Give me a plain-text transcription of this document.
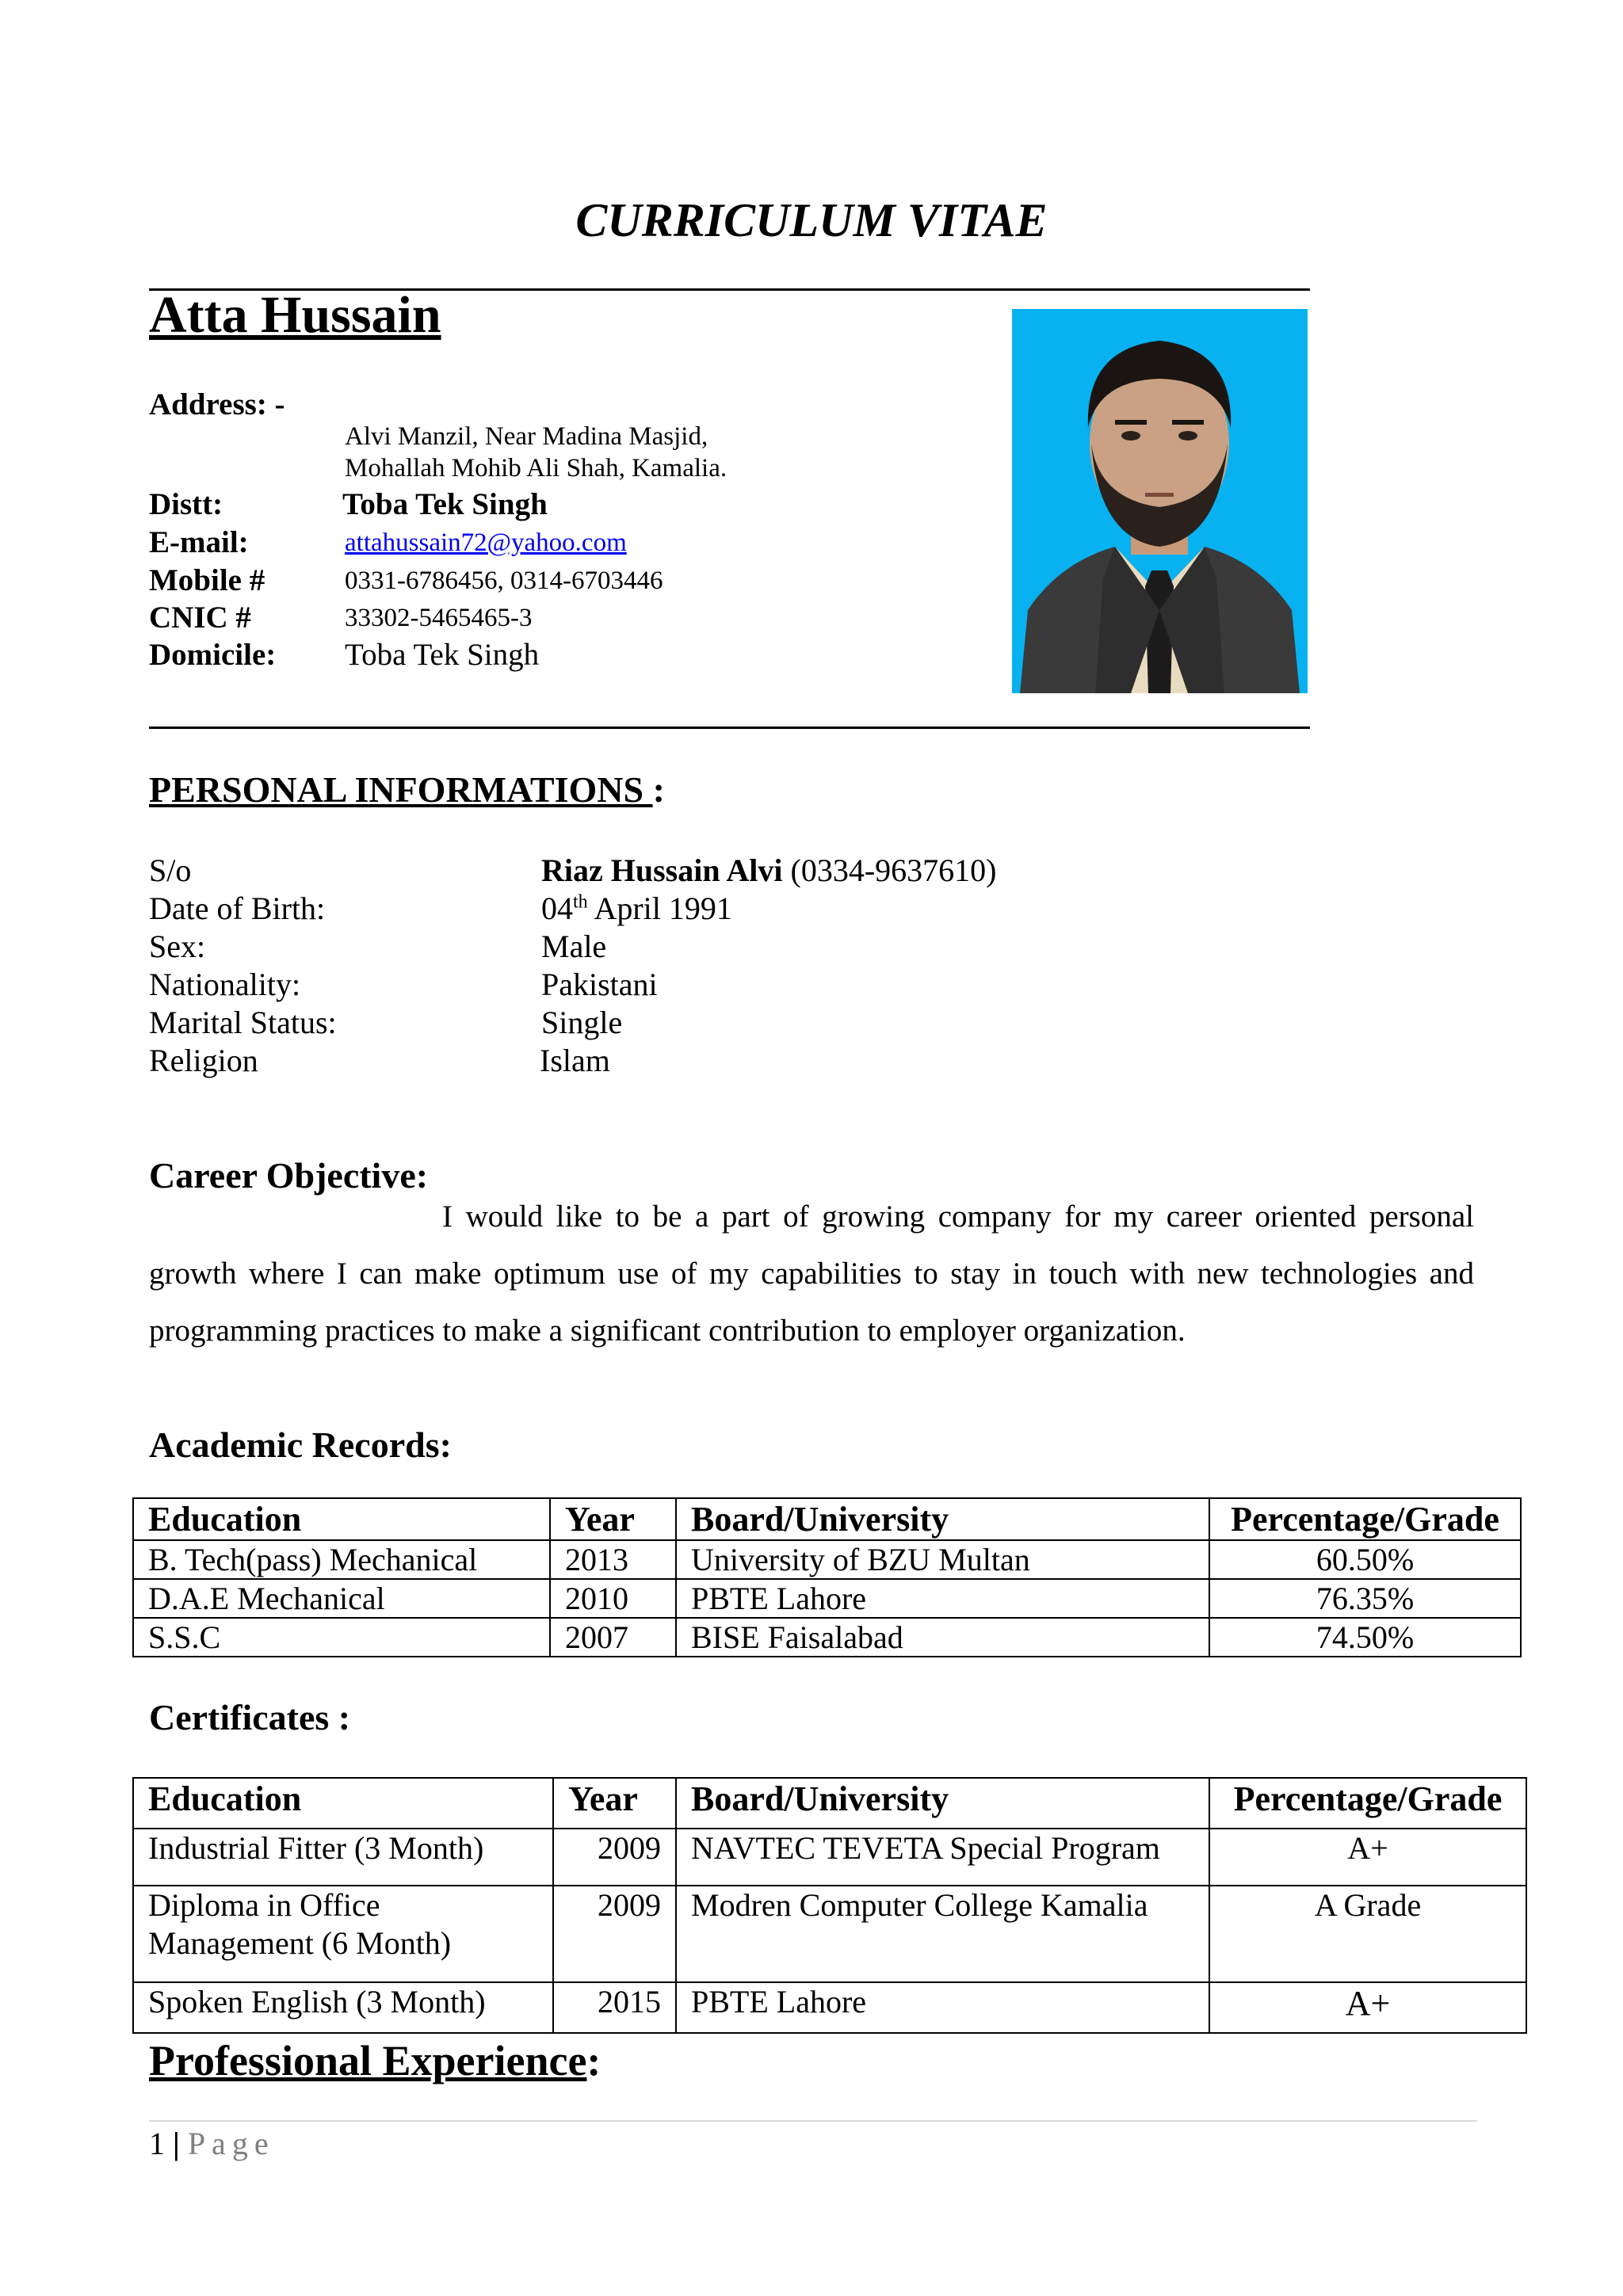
CURRICULUM VITAE
Atta Hussain
Address: -
Alvi Manzil, Near Madina Masjid,
Mohallah Mohib Ali Shah, Kamalia.
Distt:	Toba Tek Singh
E-mail:	attahussain72@yahoo.com
Mobile #	0331-6786456, 0314-6703446
CNIC #	33302-5465465-3
Domicile: Toba Tek Singh
PERSONAL INFORMATIONS :
S/o	Riaz Hussain Alvi (0334-9637610)
Date of Birth:	04th April 1991
Sex:	Male
Nationality:	Pakistani
Marital Status:	Single
Religion	Islam
Career Objective:

I would like to be a part of growing company for my career oriented personal growth where I can make optimum use of my capabilities to stay in touch with new technologies and programming practices to make a significant contribution to employer organization.

Academic Records:
Education	Year	Board/University	Percentage/Grade
B. Tech(pass) Mechanical	2013	University of BZU Multan	60.50%
D.A.E Mechanical	2010	PBTE Lahore	76.35%
S.S.C	2007	BISE Faisalabad	74.50%
Certificates :
Education	Year	Board/University	Percentage/Grade
Industrial Fitter (3 Month)	2009	NAVTEC TEVETA Special Program	A+
Diploma in Office Management (6 Month)	2009	Modren Computer College Kamalia	A Grade
Spoken English (3 Month)	2015	PBTE Lahore	A+
Professional Experience:
1 | Page
